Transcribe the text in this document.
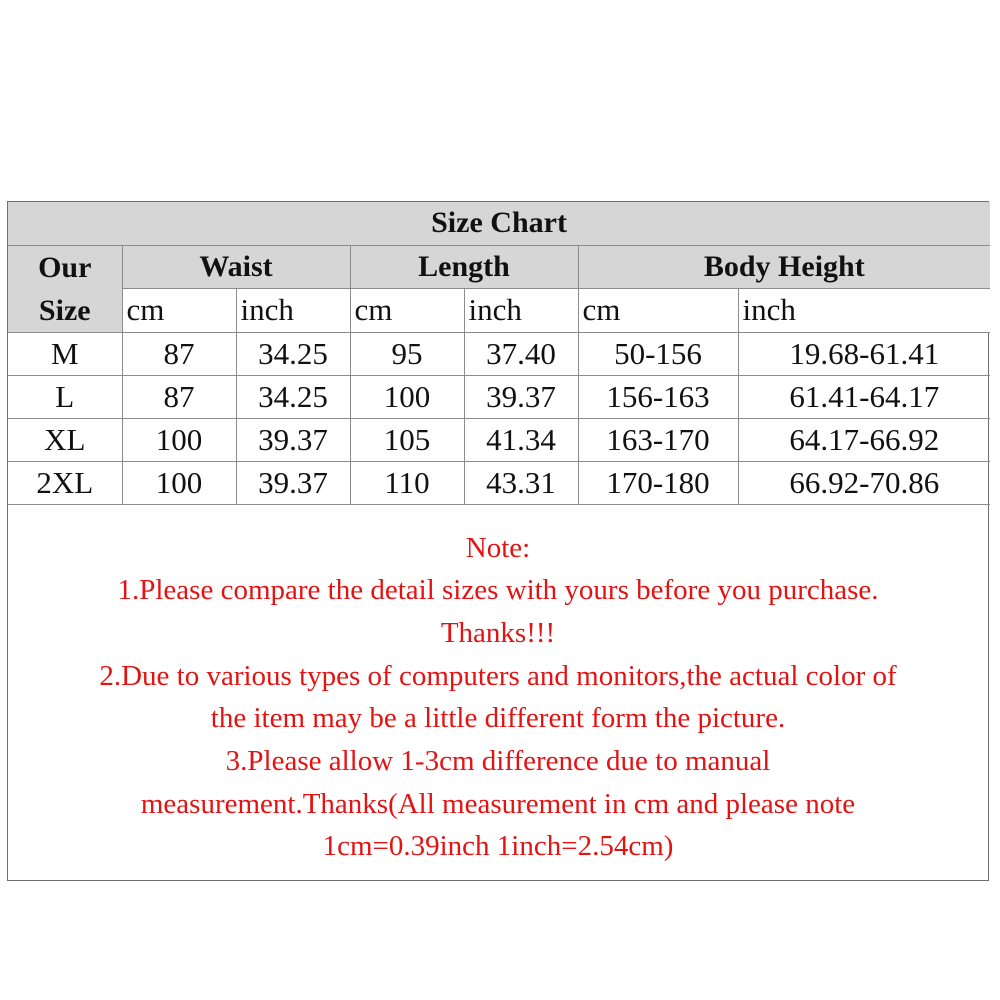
Size Chart						
Our
Size	Waist		Length		Body Height	
	cm	inch	cm	inch	cm	inch
M	87	34.25	95	37.40	50-156	19.68-61.41
L	87	34.25	100	39.37	156-163	61.41-64.17
XL	100	39.37	105	41.34	163-170	64.17-66.92
2XL	100	39.37	110	43.31	170-180	66.92-70.86
Note:
1.Please compare the detail sizes with yours before you purchase.
Thanks!!!
2.Due to various types of computers and monitors,the actual color of
the item may be a little different form the picture.
3.Please allow 1-3cm difference due to manual
measurement.Thanks(All measurement in cm and please note
1cm=0.39inch 1inch=2.54cm)
